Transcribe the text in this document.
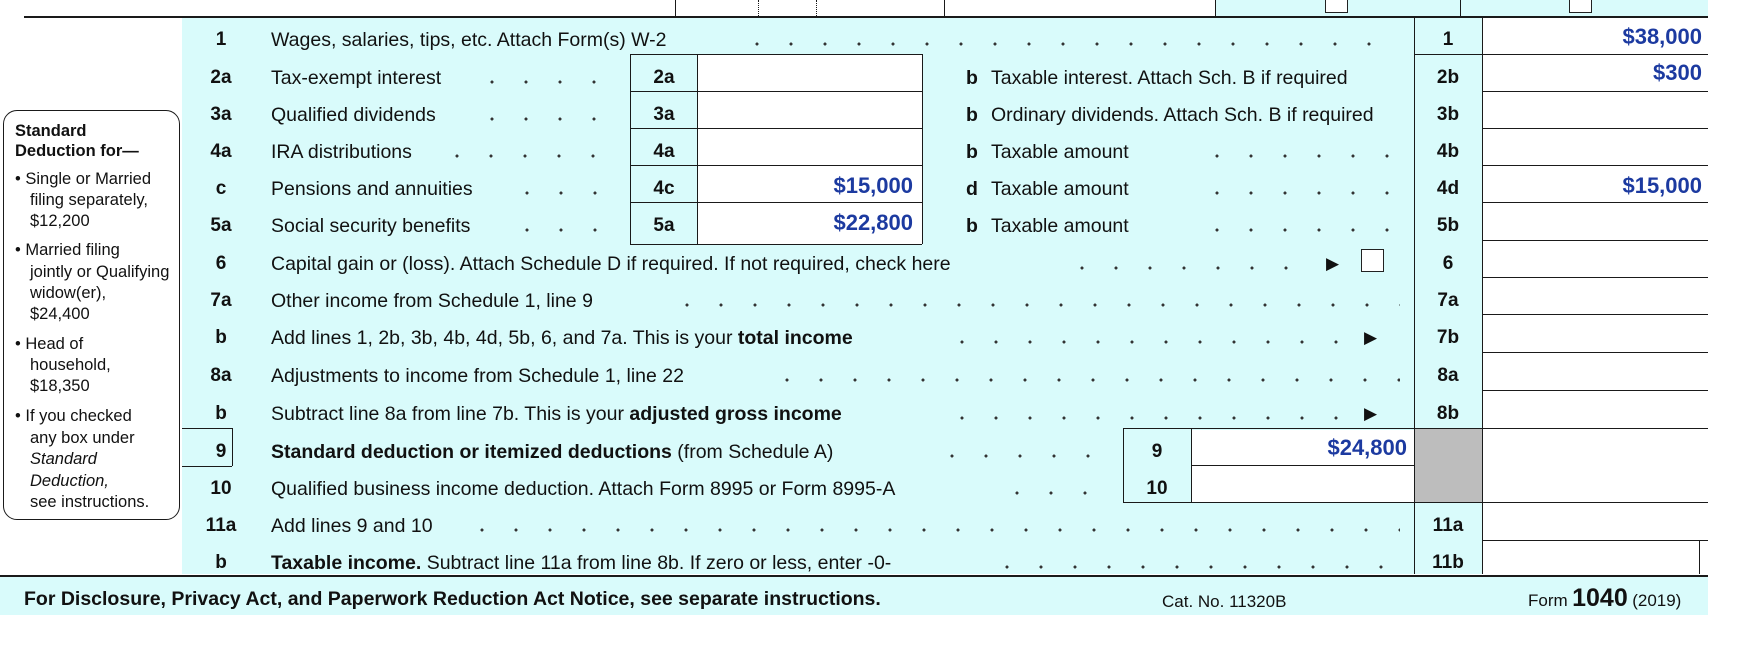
Standard
Deduction for—
• Single or Married
filing separately,
$12,200
• Married filing
jointly or Qualifying
widow(er),
$24,400
• Head of
household,
$18,350
• If you checked
any box under
Standard
Deduction,
see instructions.
1	Wages, salaries, tips, etc. Attach Form(s) W-2	1	$38,000
2a	Tax-exempt interest	2a	b Taxable interest. Attach Sch. B if required	2b	$300
3a	Qualified dividends	3a	b Ordinary dividends. Attach Sch. B if required	3b
4a	IRA distributions	4a	b Taxable amount	4b
c	Pensions and annuities	4c	$15,000	d Taxable amount	4d	$15,000
5a	Social security benefits	5a	$22,800	b Taxable amount	5b
6	Capital gain or (loss). Attach Schedule D if required. If not required, check here	▶	6
7a	Other income from Schedule 1, line 9	7a
b	Add lines 1, 2b, 3b, 4b, 4d, 5b, 6, and 7a. This is your total income	▶	7b
8a	Adjustments to income from Schedule 1, line 22	8a
b	Subtract line 8a from line 7b. This is your adjusted gross income	▶	8b
9	Standard deduction or itemized deductions (from Schedule A)	9	$24,800
10	Qualified business income deduction. Attach Form 8995 or Form 8995-A	10
11a	Add lines 9 and 10	11a
b	Taxable income. Subtract line 11a from line 8b. If zero or less, enter -0-	11b
For Disclosure, Privacy Act, and Paperwork Reduction Act Notice, see separate instructions.	Cat. No. 11320B	Form 1040 (2019)
